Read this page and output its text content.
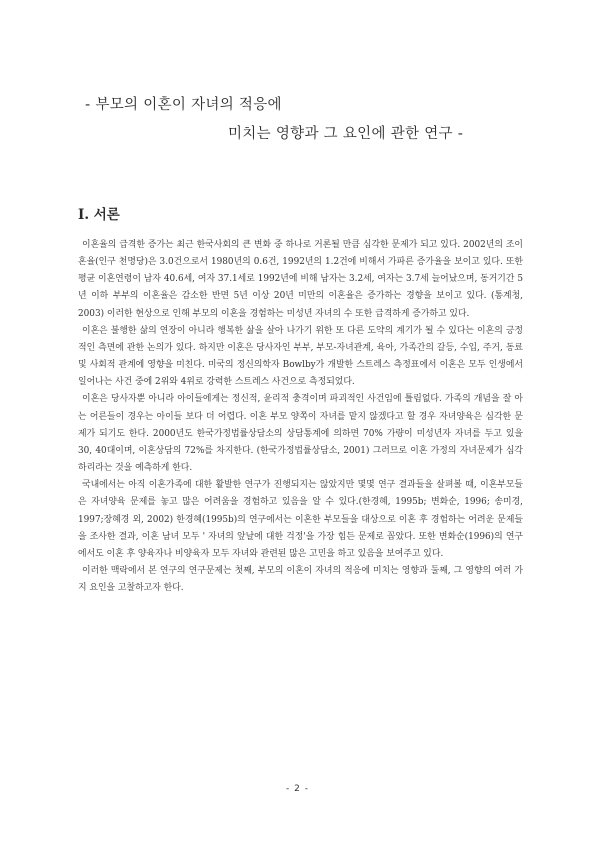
- 부모의 이혼이 자녀의 적응에
미치는 영향과 그 요인에 관한 연구 -
I. 서론

이혼율의 급격한 증가는 최근 한국사회의 큰 변화 중 하나로 거론될 만큼 심각한 문제가 되고 있다. 2002년의 조이혼율(인구 천명당)은 3.0건으로서 1980년의 0.6건, 1992년의 1.2건에 비해서 가파른 증가율을 보이고 있다. 또한 평균 이혼연령이 남자 40.6세, 여자 37.1세로 1992년에 비해 남자는 3.2세, 여자는 3.7세 늘어났으며, 동거기간 5년 이하 부부의 이혼율은 감소한 반면 5년 이상 20년 미만의 이혼율은 증가하는 경향을 보이고 있다. (통계청, 2003) 이러한 현상으로 인해 부모의 이혼을 경험하는 미성년 자녀의 수 또한 급격하게 증가하고 있다.

이혼은 불행한 삶의 연장이 아니라 행복한 삶을 살아 나가기 위한 또 다른 도약의 계기가 될 수 있다는 이혼의 긍정적인 측면에 관한 논의가 있다. 하지만 이혼은 당사자인 부부, 부모-자녀관계, 육아, 가족간의 갈등, 수입, 주거, 동료 및 사회적 관계에 영향을 미친다. 미국의 정신의학자 Bowlby가 개발한 스트레스 측정표에서 이혼은 모두 인생에서 일어나는 사건 중에 2위와 4위로 강력한 스트레스 사건으로 측정되었다.

이혼은 당사자뿐 아니라 아이들에게는 정신적, 윤리적 충격이며 파괴적인 사건임에 틀림없다. 가족의 개념을 잘 아는 어른들이 경우는 아이들 보다 더 어렵다. 이혼 부모 양쪽이 자녀를 맡지 않겠다고 할 경우 자녀양육은 심각한 문제가 되기도 한다. 2000년도 한국가정법률상담소의 상담통계에 의하면 70% 가량이 미성년자 자녀를 두고 있을 30, 40대이며, 이혼상담의 72%를 차지한다. (한국가정법률상담소, 2001) 그러므로 이혼 가정의 자녀문제가 심각하리라는 것을 예측하게 한다.

국내에서는 아직 이혼가족에 대한 활발한 연구가 진행되지는 않았지만 몇몇 연구 결과들을 살펴볼 때, 이혼부모들은 자녀양육 문제를 놓고 많은 어려움을 경험하고 있음을 알 수 있다.(한경혜, 1995b; 변화순, 1996; 송미경, 1997;장혜경 외, 2002) 한경혜(1995b)의 연구에서는 이혼한 부모들을 대상으로 이혼 후 경험하는 어려운 문제들을 조사한 결과, 이혼 남녀 모두 ' 자녀의 앞날에 대한 걱정'을 가장 힘든 문제로 꼽았다. 또한 변화순(1996)의 연구에서도 이혼 후 양육자나 비양육자 모두 자녀와 관련된 많은 고민을 하고 있음을 보여주고 있다.

이러한 맥락에서 본 연구의 연구문제는 첫째, 부모의 이혼이 자녀의 적응에 미치는 영향과 둘째, 그 영향의 여러 가지 요인을 고찰하고자 한다.

- 2 -
